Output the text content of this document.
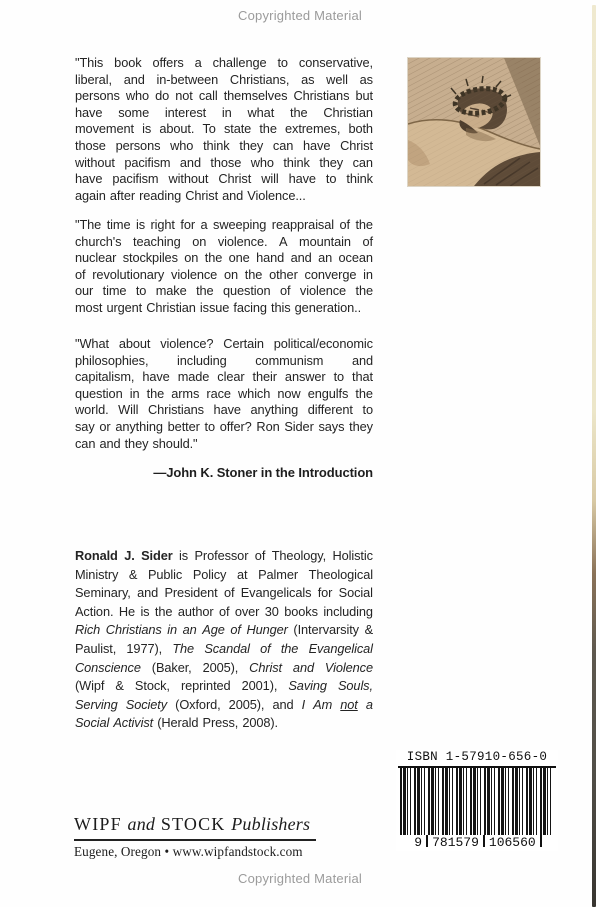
Copyrighted Material
"This book offers a challenge to conservative,
liberal, and in-between Christians, as well as
persons who do not call themselves Christians but
have some interest in what the Christian
movement is about. To state the extremes, both
those persons who think they can have Christ
without pacifism and those who think they can
have pacifism without Christ will have to think
again after reading Christ and Violence...
"The time is right for a sweeping reappraisal of the
church's teaching on violence. A mountain of
nuclear stockpiles on the one hand and an ocean
of revolutionary violence on the other converge in
our time to make the question of violence the
most urgent Christian issue facing this generation..
"What about violence? Certain political/economic
philosophies, including communism and
capitalism, have made clear their answer to that
question in the arms race which now engulfs the
world. Will Christians have anything different to
say or anything better to offer? Ron Sider says they
can and they should."
—John K. Stoner in the Introduction
Ronald J. Sider is Professor of Theology, Holistic
Ministry & Public Policy at Palmer Theological
Seminary, and President of Evangelicals for Social
Action. He is the author of over 30 books including
Rich Christians in an Age of Hunger (Intervarsity &
Paulist, 1977), The Scandal of the Evangelical
Conscience (Baker, 2005), Christ and Violence
(Wipf & Stock, reprinted 2001), Saving Souls,
Serving Society (Oxford, 2005), and I Am not a
Social Activist (Herald Press, 2008).
ISBN 1-57910-656-0
9 781579 106560
WIPF and STOCK Publishers
Eugene, Oregon • www.wipfandstock.com
Copyrighted Material
